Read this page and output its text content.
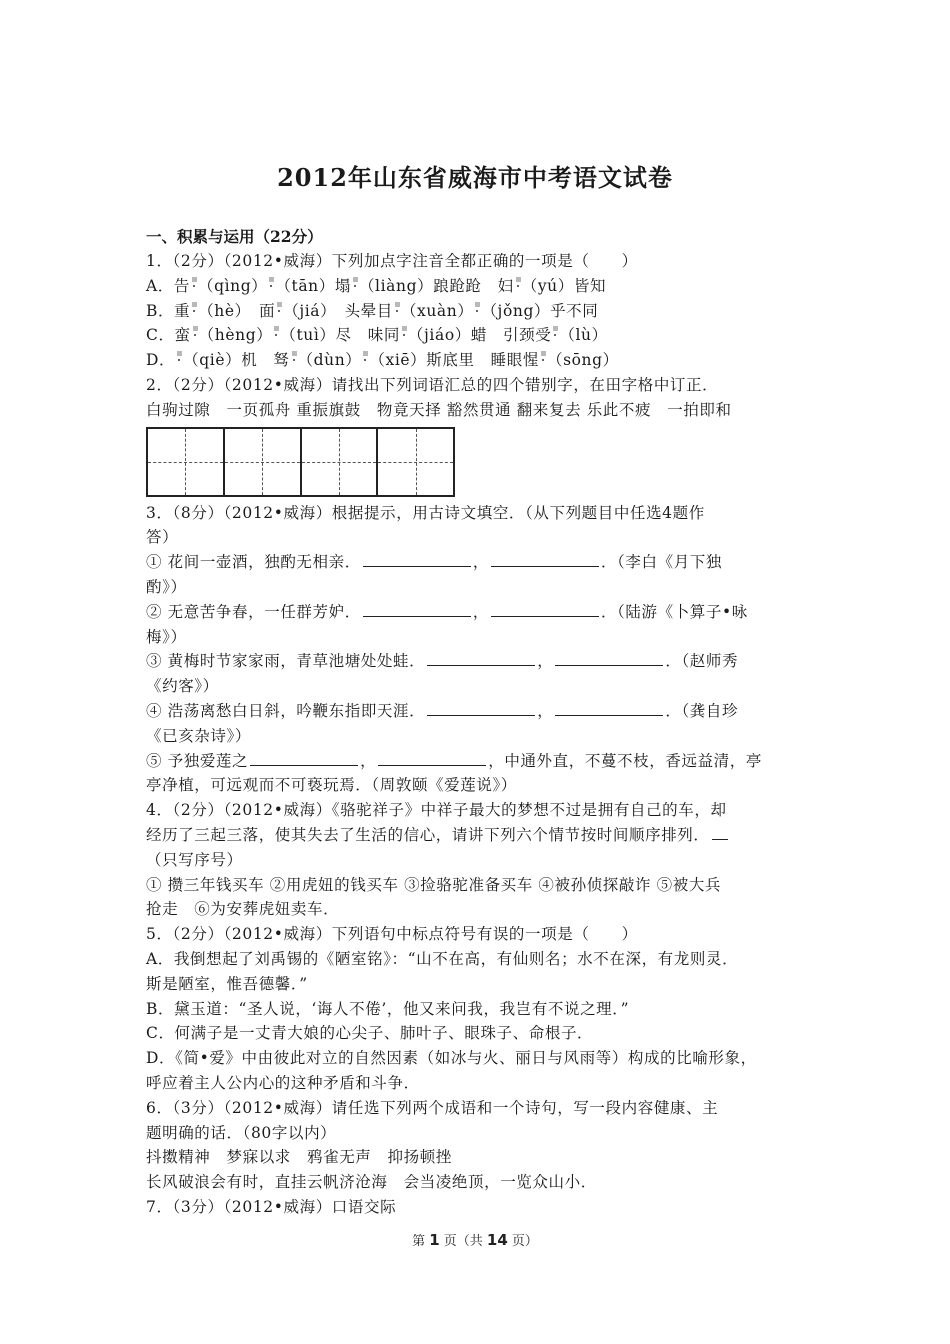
2012年山东省威海市中考语文试卷
一、积累与运用（22分）
1．（2分）（2012•威海）下列加点字注音全都正确的一项是（　　）
A．告 （qìng） （tān）塌 （liàng）踉跄跄　妇 （yú）皆知
B．重 （hè）　面 （jiá）　头晕目 （xuàn） （jǒng）乎不同
C．蛮 （hèng） （tuì）尽　味同 （jiáo）蜡　引颈受 （lù）
D． （qiè）机　驽 （dùn） （xiē）斯底里　睡眼惺 （sōng）
2．（2分）（2012•威海）请找出下列词语汇总的四个错别字，在田字格中订正．
白驹过隙　一页孤舟 重振旗鼓　物竟天择 豁然贯通 翻来复去 乐此不疲　一拍即和
3．（8分）（2012•威海）根据提示，用古诗文填空．（从下列题目中任选4题作
答）
① 花间一壶酒，独酌无相亲．	，	．（李白《月下独
酌》）
② 无意苦争春，一任群芳妒．	，	．（陆游《卜算子•咏
梅》）
③ 黄梅时节家家雨，青草池塘处处蛙．	，	．（赵师秀
《约客》）
④ 浩荡离愁白日斜，吟鞭东指即天涯．	，	．（龚自珍
《已亥杂诗》）
⑤ 予独爱莲之	，	，中通外直，不蔓不枝，香远益清，亭
亭净植，可远观而不可亵玩焉．（周敦颐《爱莲说》）
4．（2分）（2012•威海）《骆驼祥子》中祥子最大的梦想不过是拥有自己的车，却
经历了三起三落，使其失去了生活的信心，请讲下列六个情节按时间顺序排列．
（只写序号）
① 攒三年钱买车 ②用虎妞的钱买车 ③捡骆驼准备买车 ④被孙侦探敲诈 ⑤被大兵
抢走　⑥为安葬虎妞卖车．
5．（2分）（2012•威海）下列语句中标点符号有误的一项是（　　）
A．我倒想起了刘禹锡的《陋室铭》：“山不在高，有仙则名；水不在深，有龙则灵．
斯是陋室，惟吾德馨．”
B．黛玉道：“圣人说，‘诲人不倦’，他又来问我，我岂有不说之理．”
C．何满子是一丈青大娘的心尖子、肺叶子、眼珠子、命根子．
D．《简•爱》中由彼此对立的自然因素（如冰与火、丽日与风雨等）构成的比喻形象，
呼应着主人公内心的这种矛盾和斗争．
6．（3分）（2012•威海）请任选下列两个成语和一个诗句，写一段内容健康、主
题明确的话．（80字以内）
抖擞精神　梦寐以求　鸦雀无声　抑扬顿挫
长风破浪会有时，直挂云帆济沧海　会当凌绝顶，一览众山小．
7．（3分）（2012•威海）口语交际
第 1 页（共 14 页）
